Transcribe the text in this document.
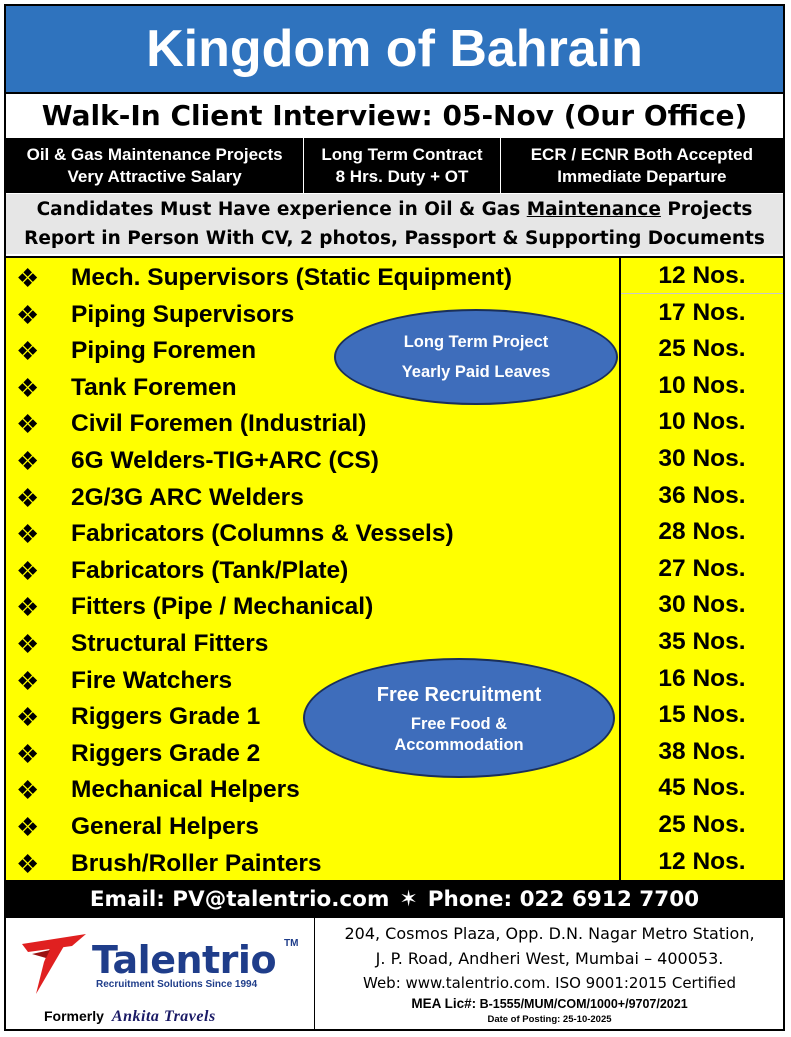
Kingdom of Bahrain
Walk-In Client Interview: 05-Nov (Our Office)
Oil & Gas Maintenance Projects
Very Attractive Salary
Long Term Contract
8 Hrs. Duty + OT
ECR / ECNR Both Accepted
Immediate Departure
Candidates Must Have experience in Oil & Gas Maintenance Projects
Report in Person With CV, 2 photos, Passport & Supporting Documents
❖ Mech. Supervisors (Static Equipment)	12 Nos.
❖ Piping Supervisors	17 Nos.
❖ Piping Foremen	25 Nos.
❖ Tank Foremen	10 Nos.
❖ Civil Foremen (Industrial)	10 Nos.
❖ 6G Welders-TIG+ARC (CS)	30 Nos.
❖ 2G/3G ARC Welders	36 Nos.
❖ Fabricators (Columns & Vessels)	28 Nos.
❖ Fabricators (Tank/Plate)	27 Nos.
❖ Fitters (Pipe / Mechanical)	30 Nos.
❖ Structural Fitters	35 Nos.
❖ Fire Watchers	16 Nos.
❖ Riggers Grade 1	15 Nos.
❖ Riggers Grade 2	38 Nos.
❖ Mechanical Helpers	45 Nos.
❖ General Helpers	25 Nos.
❖ Brush/Roller Painters	12 Nos.
Long Term Project
Yearly Paid Leaves
Free Recruitment
Free Food &
Accommodation
Email: PV@talentrio.com ✶ Phone: 022 6912 7700
Talentrio TM
Recruitment Solutions Since 1994
Formerly Ankita Travels
204, Cosmos Plaza, Opp. D.N. Nagar Metro Station,
J. P. Road, Andheri West, Mumbai – 400053.
Web: www.talentrio.com. ISO 9001:2015 Certified
MEA Lic#: B-1555/MUM/COM/1000+/9707/2021
Date of Posting: 25-10-2025
